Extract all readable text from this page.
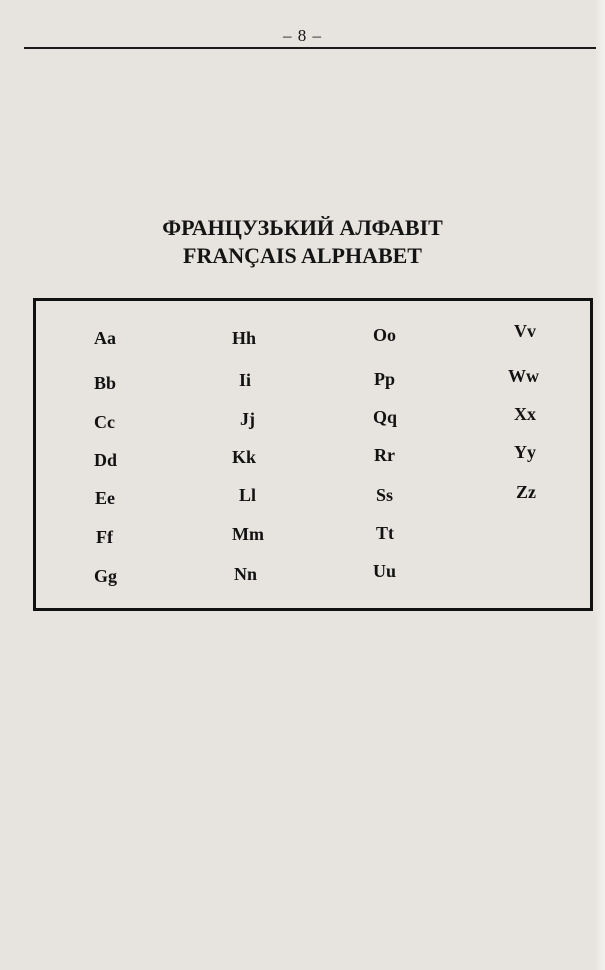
– 8 –
ФРАНЦУЗЬКИЙ АЛФАВІТ
FRANÇAIS ALPHABET
Aa
Bb
Cc
Dd
Ee
Ff
Gg
Hh
Ii
Jj
Kk
Ll
Mm
Nn
Oo
Pp
Qq
Rr
Ss
Tt
Uu
Vv
Ww
Xx
Yy
Zz
